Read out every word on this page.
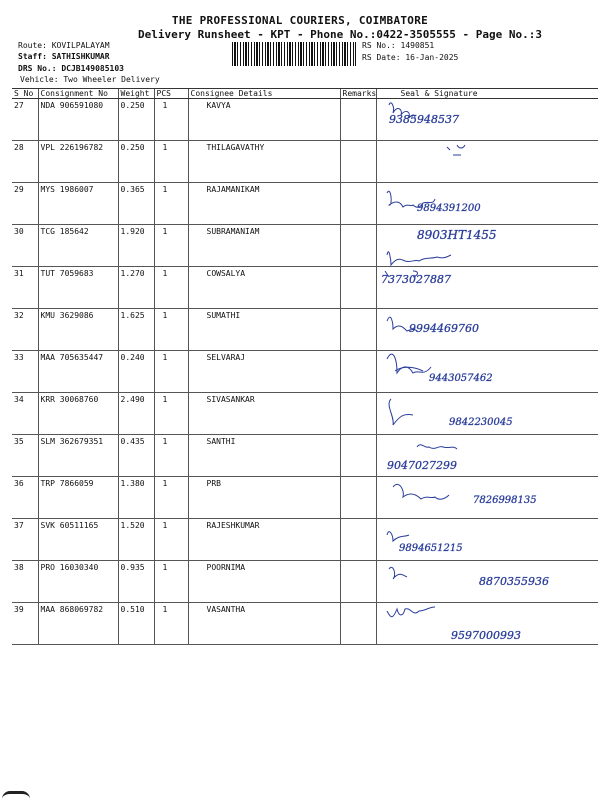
THE PROFESSIONAL COURIERS, COIMBATORE
Delivery Runsheet - KPT - Phone No.:0422-3505555 - Page No.:3
Route: KOVILPALAYAM
Staff: SATHISHKUMAR
DRS No.: DCJB149085103
Vehicle: Two Wheeler Delivery
RS No.: 1490851
RS Date: 16-Jan-2025
S No	Consignment No	Weight	PCS	Consignee Details	Remarks	Seal & Signature
27	NDA 906591080	0.250	1	KAVYA		9385948537

28	VPL 226196782	0.250	1	THILAGAVATHY		

29	MYS 1986007	0.365	1	RAJAMANIKAM		9894391200

30	TCG 185642	1.920	1	SUBRAMANIAM		8903HT1455

31	TUT 7059683	1.270	1	COWSALYA		7373027887

32	KMU 3629086	1.625	1	SUMATHI		9994469760

33	MAA 705635447	0.240	1	SELVARAJ		9443057462

34	KRR 30068760	2.490	1	SIVASANKAR		9842230045

35	SLM 362679351	0.435	1	SANTHI		9047027299

36	TRP 7866059	1.380	1	PRB		7826998135

37	SVK 60511165	1.520	1	RAJESHKUMAR		9894651215

38	PRO 16030340	0.935	1	POORNIMA		8870355936

39	MAA 868069782	0.510	1	VASANTHA		9597000993
